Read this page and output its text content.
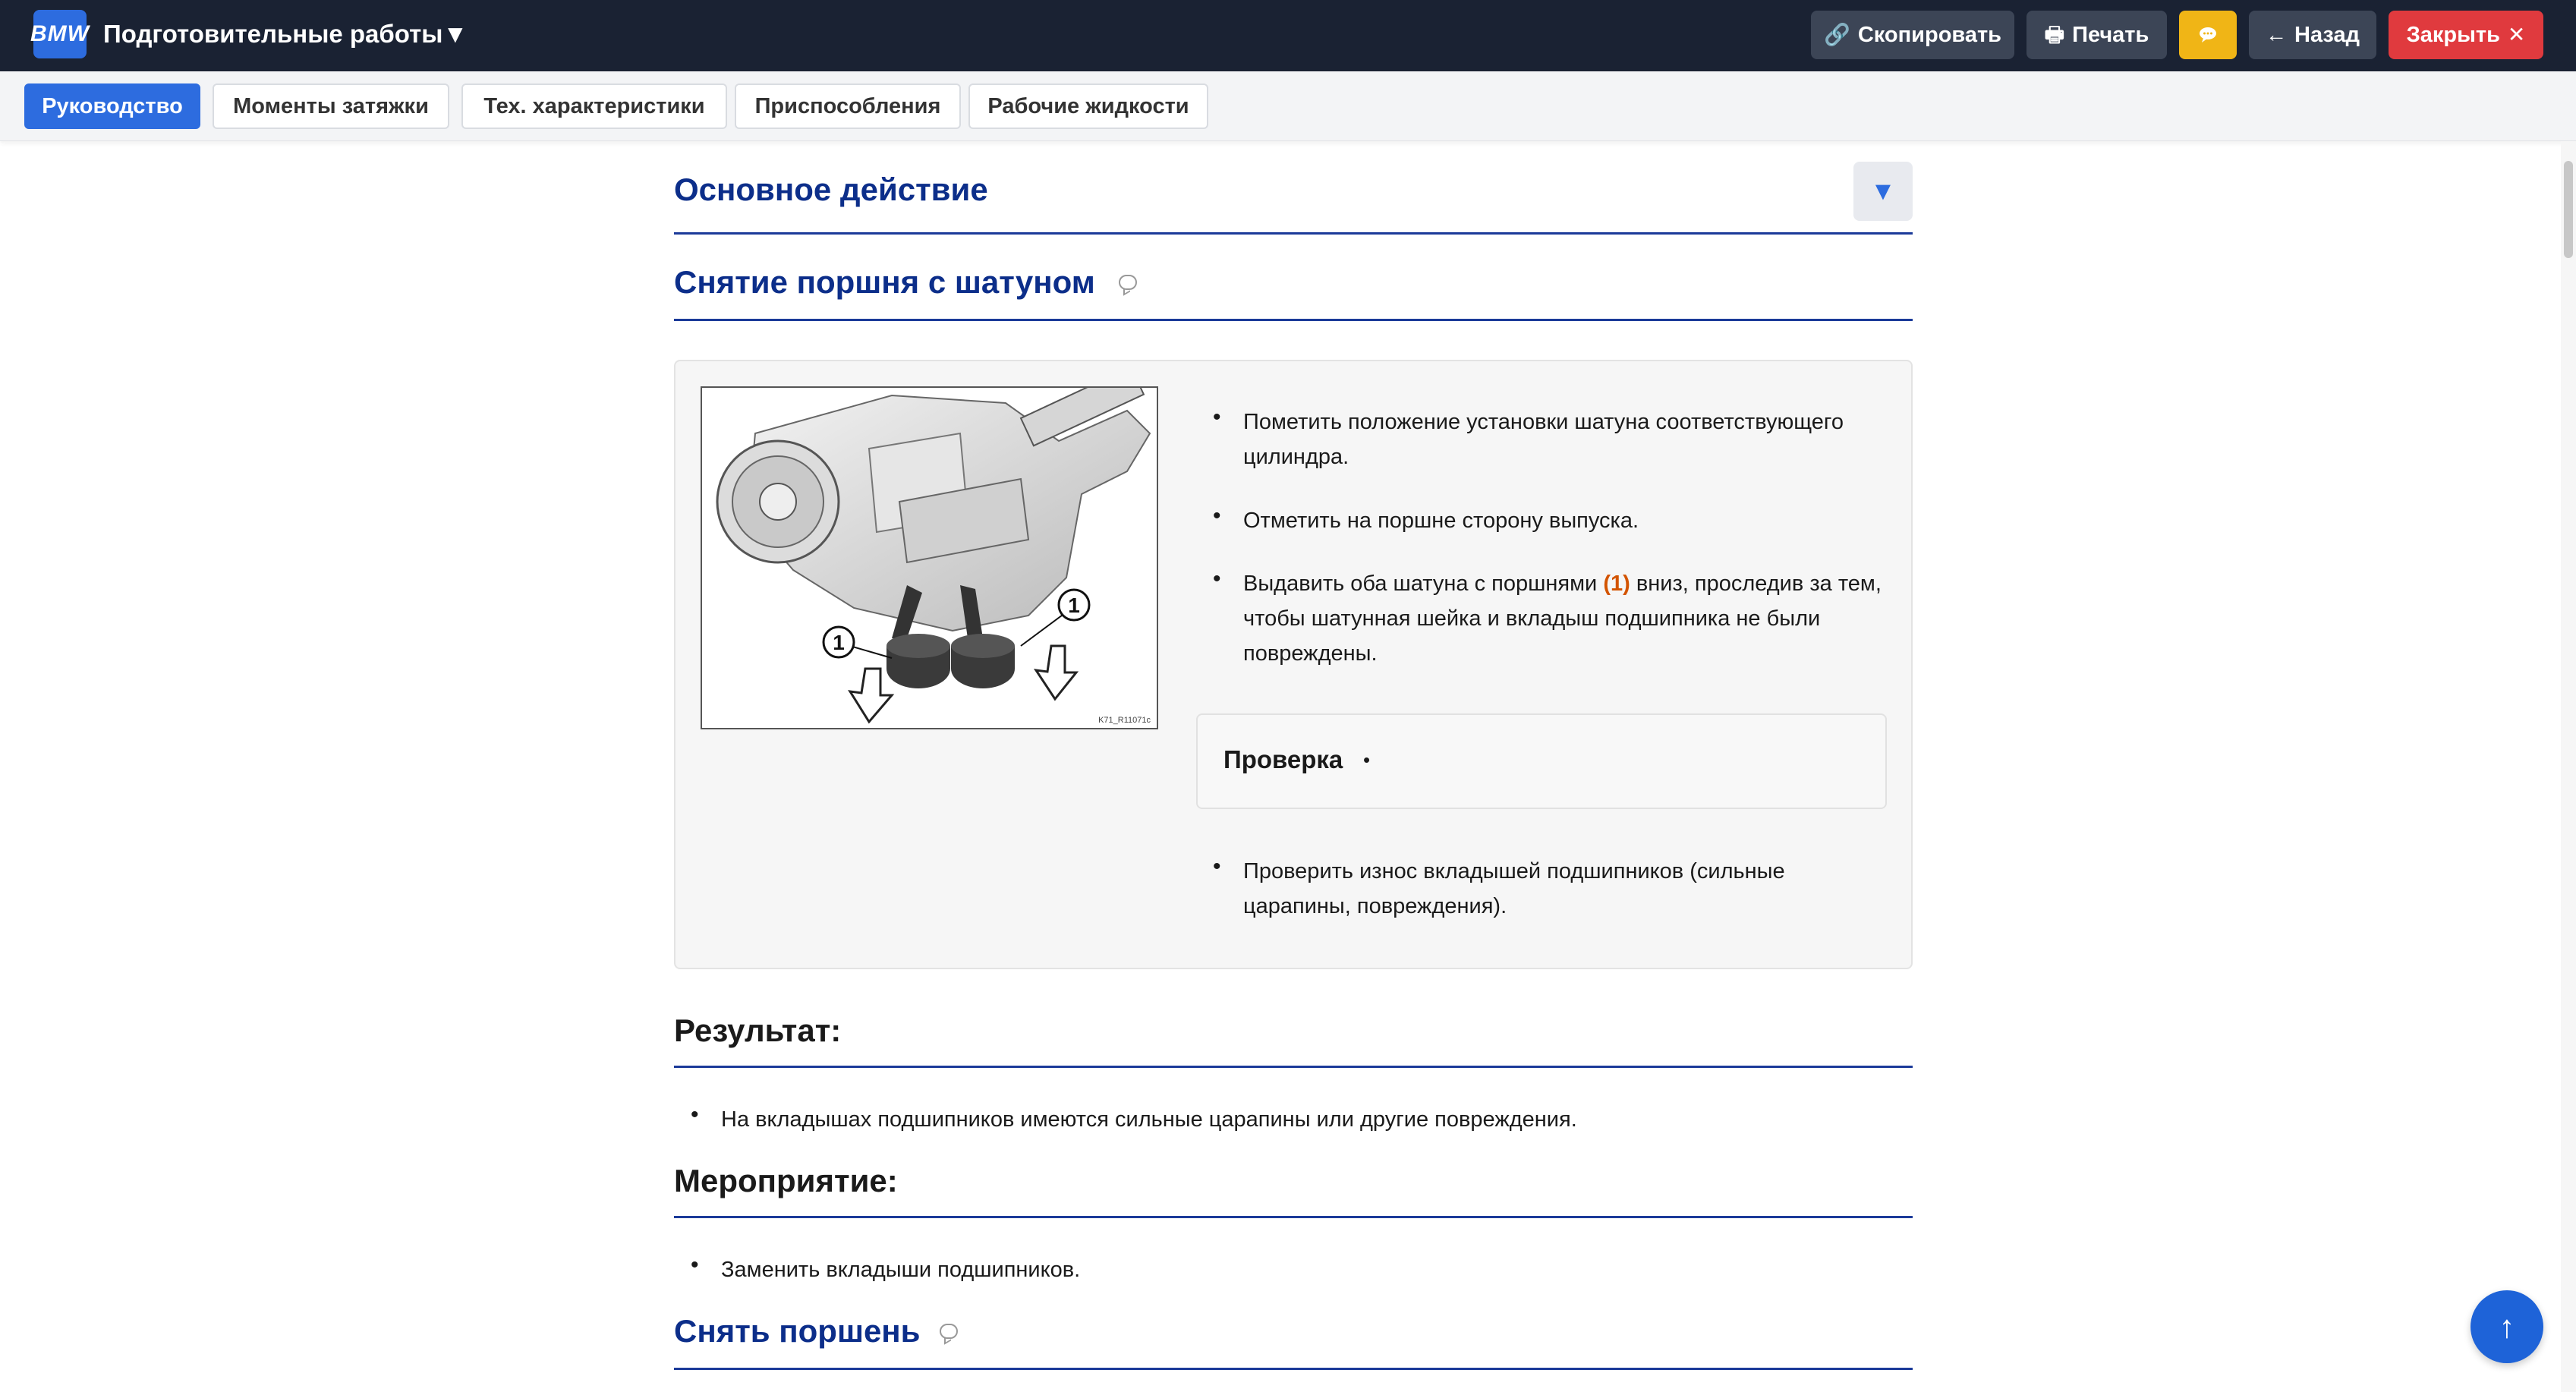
BMW Подготовительные работы▼	🔗 Скопировать 🖶 Печать	← Назад Закрыть ✕
Руководство	Моменты затяжки	Тех. характеристики	Приспособления	Рабочие жидкости
Основное действие	▼
Снятие поршня с шатуном
1
1
K71_R11071c
• Пометить положение установки шатуна соответствующего цилиндра.
• Отметить на поршне сторону выпуска.
• Выдавить оба шатуна с поршнями (1) вниз, проследив за тем, чтобы шатунная шейка и вкладыш подшипника не были повреждены.
Проверка •
• Проверить износ вкладышей подшипников (сильные царапины, повреждения).
Результат:
• На вкладышах подшипников имеются сильные царапины или другие повреждения.
Мероприятие:
• Заменить вкладыши подшипников.
Снять поршень	↑
